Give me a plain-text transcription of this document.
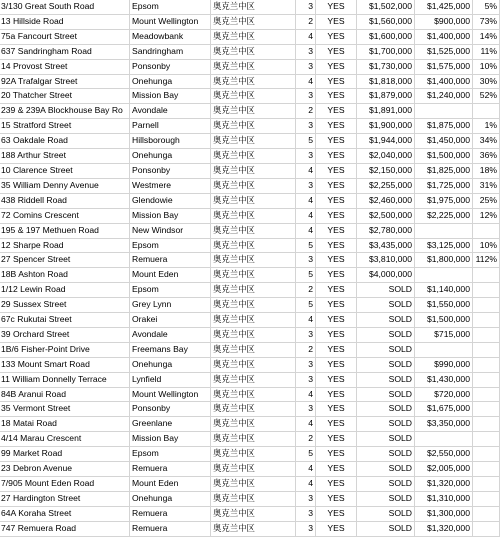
3/130 Great South Road	Epsom	奥克兰中区	3	YES	$1,502,000	$1,425,000	5%
13 Hillside Road	Mount Wellington	奥克兰中区	2	YES	$1,560,000	$900,000	73%
75a Fancourt Street	Meadowbank	奥克兰中区	4	YES	$1,600,000	$1,400,000	14%
637 Sandringham Road	Sandringham	奥克兰中区	3	YES	$1,700,000	$1,525,000	11%
14 Provost Street	Ponsonby	奥克兰中区	3	YES	$1,730,000	$1,575,000	10%
92A Trafalgar Street	Onehunga	奥克兰中区	4	YES	$1,818,000	$1,400,000	30%
20 Thatcher Street	Mission Bay	奥克兰中区	3	YES	$1,879,000	$1,240,000	52%
239 & 239A Blockhouse Bay Ro	Avondale	奥克兰中区	2	YES	$1,891,000		
15 Stratford Street	Parnell	奥克兰中区	3	YES	$1,900,000	$1,875,000	1%
63 Oakdale Road	Hillsborough	奥克兰中区	5	YES	$1,944,000	$1,450,000	34%
188 Arthur Street	Onehunga	奥克兰中区	3	YES	$2,040,000	$1,500,000	36%
10 Clarence Street	Ponsonby	奥克兰中区	4	YES	$2,150,000	$1,825,000	18%
35 William Denny Avenue	Westmere	奥克兰中区	3	YES	$2,255,000	$1,725,000	31%
438 Riddell Road	Glendowie	奥克兰中区	4	YES	$2,460,000	$1,975,000	25%
72 Comins Crescent	Mission Bay	奥克兰中区	4	YES	$2,500,000	$2,225,000	12%
195 & 197 Methuen Road	New Windsor	奥克兰中区	4	YES	$2,780,000		
12 Sharpe Road	Epsom	奥克兰中区	5	YES	$3,435,000	$3,125,000	10%
27 Spencer Street	Remuera	奥克兰中区	3	YES	$3,810,000	$1,800,000	112%
18B Ashton Road	Mount Eden	奥克兰中区	5	YES	$4,000,000		
1/12 Lewin Road	Epsom	奥克兰中区	2	YES	SOLD	$1,140,000	
29 Sussex Street	Grey Lynn	奥克兰中区	5	YES	SOLD	$1,550,000	
67c Rukutai Street	Orakei	奥克兰中区	4	YES	SOLD	$1,500,000	
39 Orchard Street	Avondale	奥克兰中区	3	YES	SOLD	$715,000	
1B/6 Fisher-Point Drive	Freemans Bay	奥克兰中区	2	YES	SOLD		
133 Mount Smart Road	Onehunga	奥克兰中区	3	YES	SOLD	$990,000	
11 William Donnelly Terrace	Lynfield	奥克兰中区	3	YES	SOLD	$1,430,000	
84B Aranui Road	Mount Wellington	奥克兰中区	4	YES	SOLD	$720,000	
35 Vermont Street	Ponsonby	奥克兰中区	3	YES	SOLD	$1,675,000	
18 Matai Road	Greenlane	奥克兰中区	4	YES	SOLD	$3,350,000	
4/14 Marau Crescent	Mission Bay	奥克兰中区	2	YES	SOLD		
99 Market Road	Epsom	奥克兰中区	5	YES	SOLD	$2,550,000	
23 Debron Avenue	Remuera	奥克兰中区	4	YES	SOLD	$2,005,000	
7/905 Mount Eden Road	Mount Eden	奥克兰中区	4	YES	SOLD	$1,320,000	
27 Hardington Street	Onehunga	奥克兰中区	3	YES	SOLD	$1,310,000	
64A Koraha Street	Remuera	奥克兰中区	3	YES	SOLD	$1,300,000	
747 Remuera Road	Remuera	奥克兰中区	3	YES	SOLD	$1,320,000	
